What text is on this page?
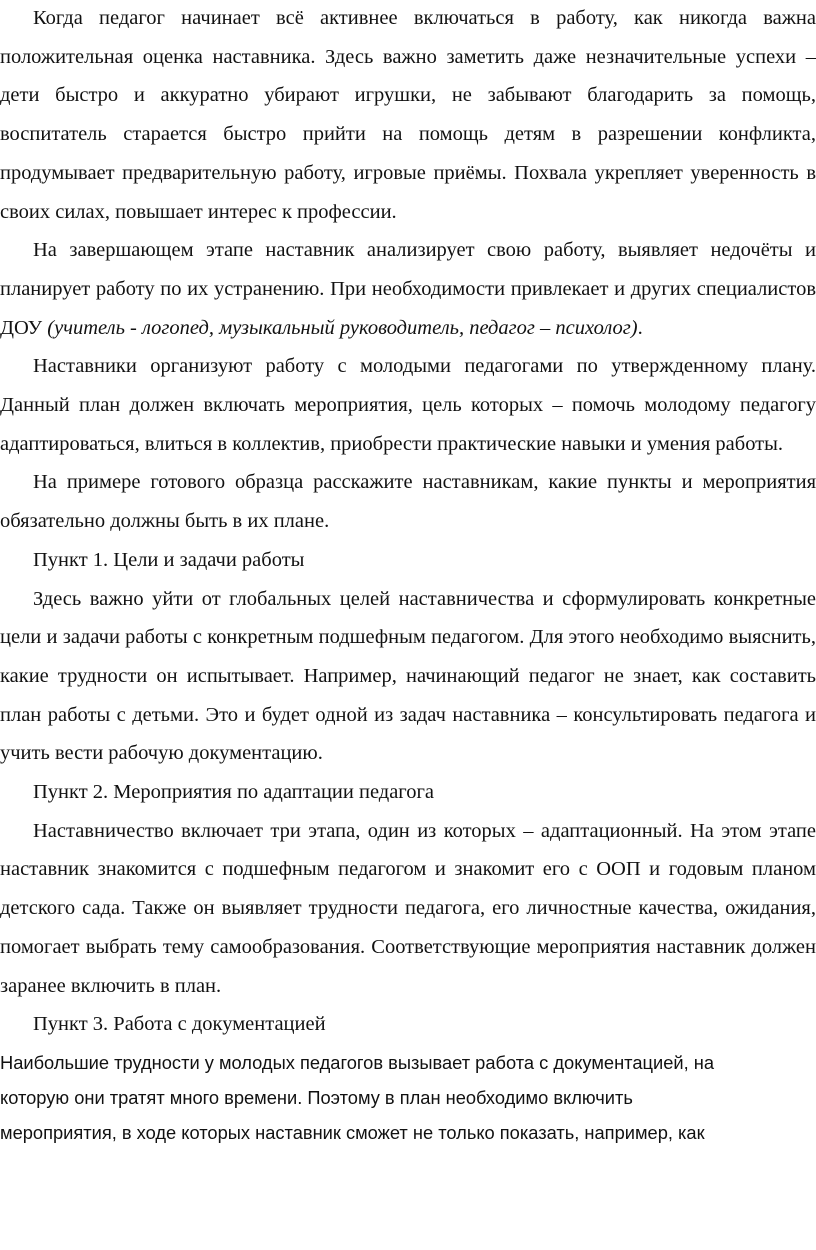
Когда педагог начинает всё активнее включаться в работу, как никогда важна положительная оценка наставника. Здесь важно заметить даже незначительные успехи – дети быстро и аккуратно убирают игрушки, не забывают благодарить за помощь, воспитатель старается быстро прийти на помощь детям в разрешении конфликта, продумывает предварительную работу, игровые приёмы. Похвала укрепляет уверенность в своих силах, повышает интерес к профессии.

На завершающем этапе наставник анализирует свою работу, выявляет недочёты и планирует работу по их устранению. При необходимости привлекает и других специалистов ДОУ (учитель - логопед, музыкальный руководитель, педагог – психолог).

Наставники организуют работу с молодыми педагогами по утвержденному плану. Данный план должен включать мероприятия, цель которых – помочь молодому педагогу адаптироваться, влиться в коллектив, приобрести практические навыки и умения работы.

На примере готового образца расскажите наставникам, какие пункты и мероприятия обязательно должны быть в их плане.

Пункт 1. Цели и задачи работы

Здесь важно уйти от глобальных целей наставничества и сформулировать конкретные цели и задачи работы с конкретным подшефным педагогом. Для этого необходимо выяснить, какие трудности он испытывает. Например, начинающий педагог не знает, как составить план работы с детьми. Это и будет одной из задач наставника – консультировать педагога и учить вести рабочую документацию.

Пункт 2. Мероприятия по адаптации педагога

Наставничество включает три этапа, один из которых – адаптационный. На этом этапе наставник знакомится с подшефным педагогом и знакомит его с ООП и годовым планом детского сада. Также он выявляет трудности педагога, его личностные качества, ожидания, помогает выбрать тему самообразования. Соответствующие мероприятия наставник должен заранее включить в план.

Пункт 3. Работа с документацией

Наибольшие трудности у молодых педагогов вызывает работа с документацией, на
которую они тратят много времени. Поэтому в план необходимо включить
мероприятия, в ходе которых наставник сможет не только показать, например, как
